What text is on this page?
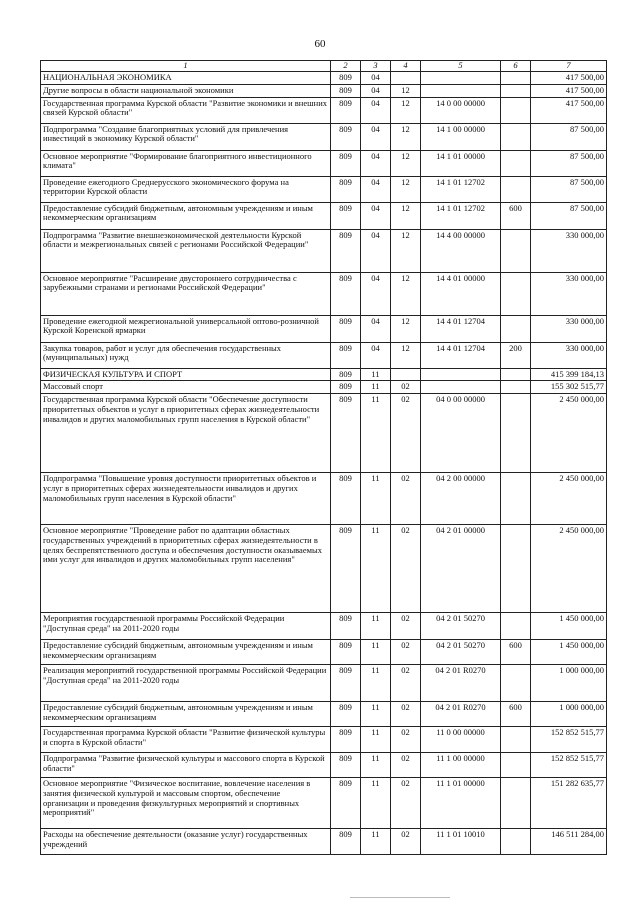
60
1	2	3	4	5	6	7
НАЦИОНАЛЬНАЯ ЭКОНОМИКА	809	04				417 500,00
Другие вопросы в области национальной экономики	809	04	12			417 500,00
Государственная программа Курской области "Развитие экономики и внешних связей Курской области"	809	04	12	14 0 00 00000		417 500,00
Подпрограмма "Создание благоприятных условий для привлечения инвестиций в экономику Курской области"	809	04	12	14 1 00 00000		87 500,00
Основное мероприятие "Формирование благоприятного инвестиционного климата"	809	04	12	14 1 01 00000		87 500,00
Проведение ежегодного Среднерусского экономического форума на территории Курской области	809	04	12	14 1 01 12702		87 500,00
Предоставление субсидий бюджетным, автономным учреждениям и иным некоммерческим организациям	809	04	12	14 1 01 12702	600	87 500,00
Подпрограмма "Развитие внешнеэкономической деятельности Курской области и межрегиональных связей с регионами Российской Федерации"	809	04	12	14 4 00 00000		330 000,00
Основное мероприятие "Расширение двустороннего сотрудничества с зарубежными странами и регионами Российской Федерации"	809	04	12	14 4 01 00000		330 000,00
Проведение ежегодной межрегиональной универсальной оптово-розничной Курской Коренской ярмарки	809	04	12	14 4 01 12704		330 000,00
Закупка товаров, работ и услуг для обеспечения государственных (муниципальных) нужд	809	04	12	14 4 01 12704	200	330 000,00
ФИЗИЧЕСКАЯ КУЛЬТУРА И СПОРТ	809	11				415 399 184,13
Массовый спорт	809	11	02			155 302 515,77
Государственная программа Курской области "Обеспечение доступности приоритетных объектов и услуг в приоритетных сферах жизнедеятельности инвалидов и других маломобильных групп населения в Курской области"	809	11	02	04 0 00 00000		2 450 000,00
Подпрограмма "Повышение уровня доступности приоритетных объектов и услуг в приоритетных сферах жизнедеятельности инвалидов и других маломобильных групп населения в Курской области"	809	11	02	04 2 00 00000		2 450 000,00
Основное мероприятие "Проведение работ по адаптации областных государственных учреждений в приоритетных сферах жизнедеятельности в целях беспрепятственного доступа и обеспечения доступности оказываемых ими услуг для инвалидов и других маломобильных групп населения"	809	11	02	04 2 01 00000		2 450 000,00
Мероприятия государственной программы Российской Федерации "Доступная среда" на 2011-2020 годы	809	11	02	04 2 01 50270		1 450 000,00
Предоставление субсидий бюджетным, автономным учреждениям и иным некоммерческим организациям	809	11	02	04 2 01 50270	600	1 450 000,00
Реализация мероприятий государственной программы Российской Федерации "Доступная среда" на 2011-2020 годы	809	11	02	04 2 01 R0270		1 000 000,00
Предоставление субсидий бюджетным, автономным учреждениям и иным некоммерческим организациям	809	11	02	04 2 01 R0270	600	1 000 000,00
Государственная программа Курской области "Развитие физической культуры и спорта в Курской области"	809	11	02	11 0 00 00000		152 852 515,77
Подпрограмма "Развитие физической культуры и массового спорта в Курской области"	809	11	02	11 1 00 00000		152 852 515,77
Основное мероприятие "Физическое воспитание, вовлечение населения в занятия физической культурой и массовым спортом, обеспечение организации и проведения физкультурных мероприятий и спортивных мероприятий"	809	11	02	11 1 01 00000		151 282 635,77
Расходы на обеспечение деятельности (оказание услуг) государственных учреждений	809	11	02	11 1 01 10010		146 511 284,00
